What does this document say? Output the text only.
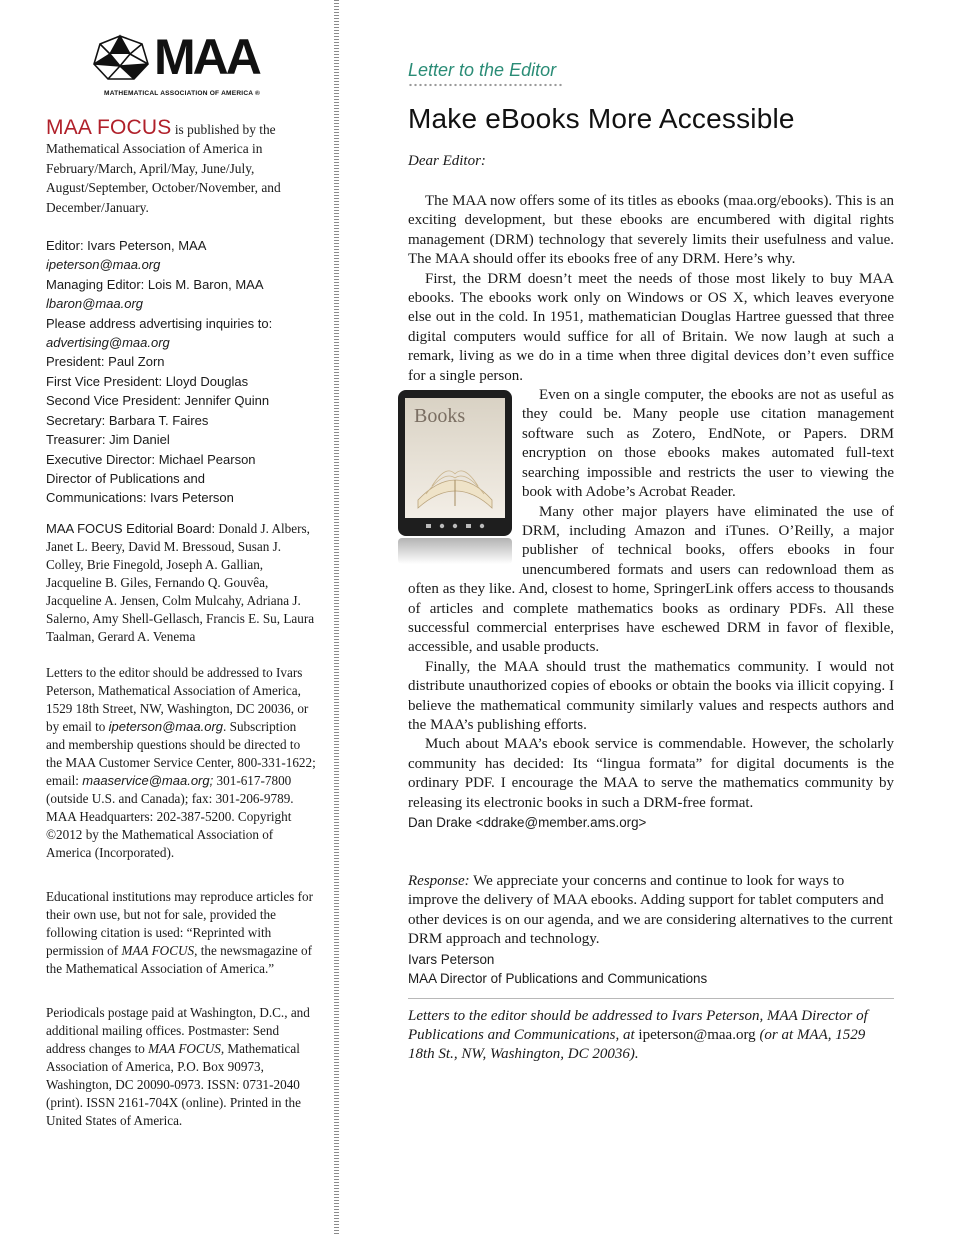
MAA
MATHEMATICAL ASSOCIATION OF AMERICA ®
MAA FOCUS is published by the
Mathematical Association of America in
February/March, April/May, June/July,
August/September, October/November, and
December/January.
Editor: Ivars Peterson, MAA
ipeterson@maa.org
Managing Editor: Lois M. Baron, MAA
lbaron@maa.org
Please address advertising inquiries to:
advertising@maa.org
President: Paul Zorn
First Vice President: Lloyd Douglas
Second Vice President: Jennifer Quinn
Secretary: Barbara T. Faires
Treasurer: Jim Daniel
Executive Director: Michael Pearson
Director of Publications and
Communications: Ivars Peterson

MAA FOCUS Editorial Board: Donald J. Albers, Janet L. Beery, David M. Bressoud, Susan J. Colley, Brie Finegold, Joseph A. Gallian, Jacqueline B. Giles, Fernando Q. Gouvêa, Jacqueline A. Jensen, Colm Mulcahy, Adriana J. Salerno, Amy Shell-Gellasch, Francis E. Su, Laura Taalman, Gerard A. Venema

Letters to the editor should be addressed to Ivars Peterson, Mathematical Association of America, 1529 18th Street, NW, Washington, DC 20036, or by email to ipeterson@maa.org. Subscription and membership questions should be directed to the MAA Customer Service Center, 800-331-1622; email: maaservice@maa.org; 301-617-7800 (outside U.S. and Canada); fax: 301-206-9789. MAA Headquarters: 202-387-5200. Copyright ©2012 by the Mathematical Association of America (Incorporated).

Educational institutions may reproduce articles for their own use, but not for sale, provided the following citation is used: “Reprinted with permission of MAA FOCUS, the newsmagazine of the Mathematical Association of America.”

Periodicals postage paid at Washington, D.C., and additional mailing offices. Postmaster: Send address changes to MAA FOCUS, Mathematical Association of America, P.O. Box 90973, Washington, DC 20090-0973. ISSN: 0731-2040 (print). ISSN 2161-704X (online). Printed in the United States of America.

Letter to the Editor
Make eBooks More Accessible
Dear Editor:

The MAA now offers some of its titles as ebooks (maa.org/ebooks). This is an exciting development, but these ebooks are encumbered with digital rights management (DRM) technology that severely limits their usefulness and value. The MAA should offer its ebooks free of any DRM. Here’s why.

First, the DRM doesn’t meet the needs of those most likely to buy MAA ebooks. The ebooks work only on Windows or OS X, which leaves everyone else out in the cold. In 1951, mathematician Douglas Hartree guessed that three digital computers would suffice for all of Britain. We now laugh at such a remark, living as we do in a time when three digital devices don’t even suffice for a single person.

Books

Even on a single computer, the ebooks are not as useful as they could be. Many people use citation management software such as Zotero, EndNote, or Papers. DRM encryption on those ebooks makes automated full-text searching impossible and restricts the user to viewing the book with Adobe’s Acrobat Reader.

Many other major players have eliminated the use of DRM, including Amazon and iTunes. O’Reilly, a major publisher of technical books, offers ebooks in four unencumbered formats and users can redownload them as often as they like. And, closest to home, SpringerLink offers access to thousands of articles and complete mathematics books as ordinary PDFs. All these successful commercial enterprises have eschewed DRM in favor of flexible, accessible, and usable products.

Finally, the MAA should trust the mathematics community. I would not distribute unauthorized copies of ebooks or obtain the books via illicit copying. I believe the mathematical community similarly values and respects authors and the MAA’s publishing efforts.

Much about MAA’s ebook service is commendable. However, the scholarly community has decided: Its “lingua formata” for digital documents is the ordinary PDF. I encourage the MAA to serve the mathematics community by releasing its electronic books in such a DRM-free format.

Dan Drake <ddrake@member.ams.org>
Response: We appreciate your concerns and continue to look for ways to improve the delivery of MAA ebooks. Adding support for tablet computers and other devices is on our agenda, and we are considering alternatives to the current DRM approach and technology.
Ivars Peterson
MAA Director of Publications and Communications
Letters to the editor should be addressed to Ivars Peterson, MAA Director of Publications and Communications, at ipeterson@maa.org (or at MAA, 1529 18th St., NW, Washington, DC 20036).
